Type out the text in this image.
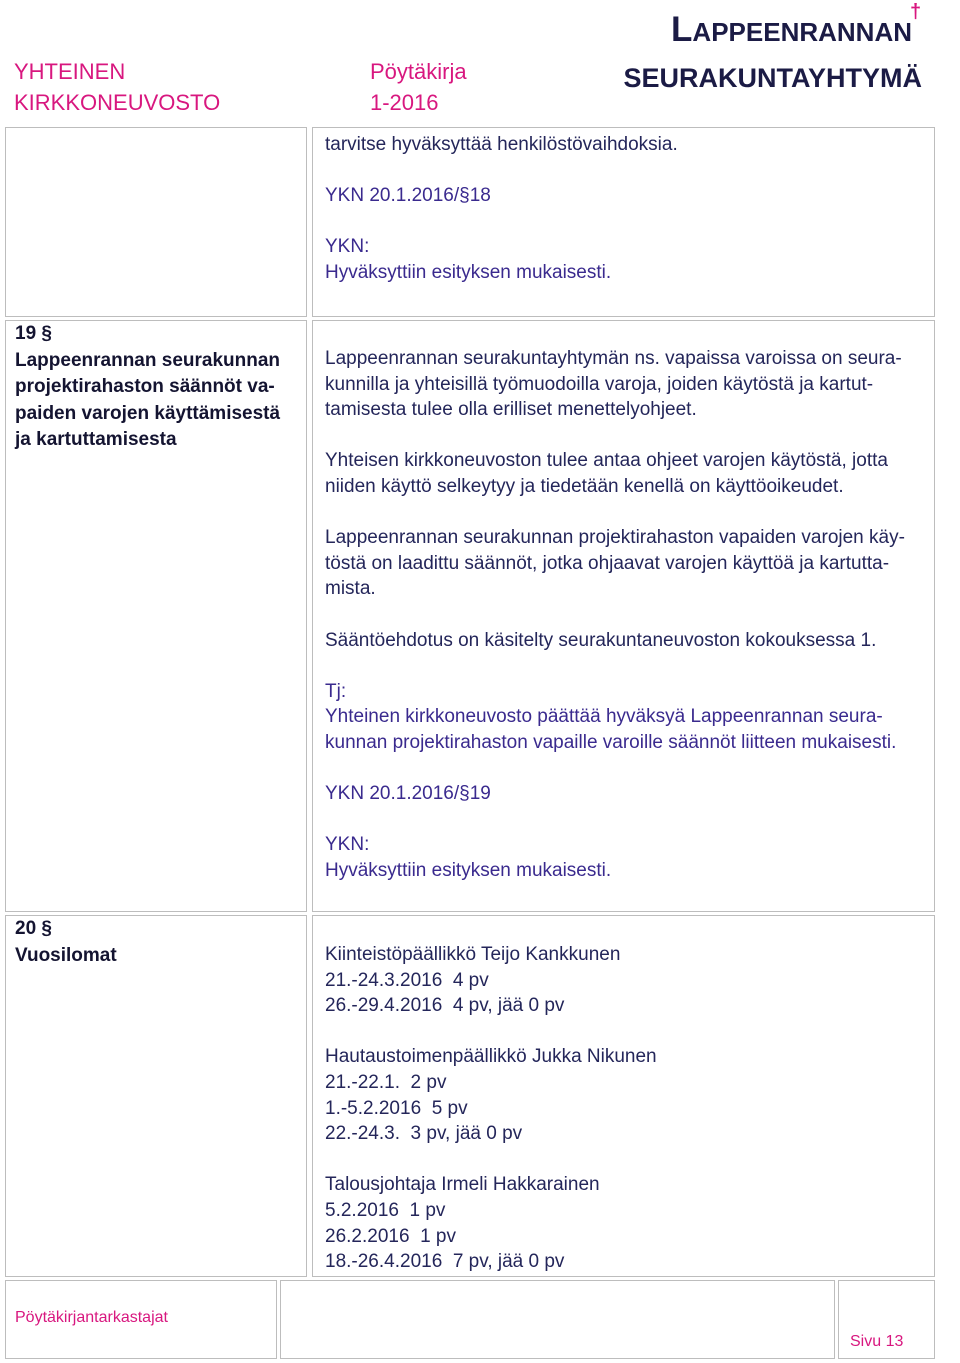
YHTEINEN
KIRKKONEUVOSTO
Pöytäkirja
1-2016
LAPPEENRANNAN
†
SEURAKUNTAYHTYMÄ
tarvitse hyväksyttää henkilöstövaihdoksia.
YKN 20.1.2016/§18
YKN:
Hyväksyttiin esityksen mukaisesti.
19 §
Lappeenrannan seurakunnan
projektirahaston säännöt va-
paiden varojen käyttämisestä
ja kartuttamisesta
Lappeenrannan seurakuntayhtymän ns. vapaissa varoissa on seura-
kunnilla ja yhteisillä työmuodoilla varoja, joiden käytöstä ja kartut-
tamisesta tulee olla erilliset menettelyohjeet.
Yhteisen kirkkoneuvoston tulee antaa ohjeet varojen käytöstä, jotta
niiden käyttö selkeytyy ja tiedetään kenellä on käyttöoikeudet.
Lappeenrannan seurakunnan projektirahaston vapaiden varojen käy-
töstä on laadittu säännöt, jotka ohjaavat varojen käyttöä ja kartutta-
mista.
Sääntöehdotus on käsitelty seurakuntaneuvoston kokouksessa 1.
Tj:
Yhteinen kirkkoneuvosto päättää hyväksyä Lappeenrannan seura-
kunnan projektirahaston vapaille varoille säännöt liitteen mukaisesti.
YKN 20.1.2016/§19
YKN:
Hyväksyttiin esityksen mukaisesti.
20 §
Vuosilomat	Kiinteistöpäällikkö Teijo Kankkunen
21.-24.3.2016  4 pv
26.-29.4.2016  4 pv, jää 0 pv
Hautaustoimenpäällikkö Jukka Nikunen
21.-22.1.  2 pv
1.-5.2.2016  5 pv
22.-24.3.  3 pv, jää 0 pv
Talousjohtaja Irmeli Hakkarainen
5.2.2016  1 pv
26.2.2016  1 pv
18.-26.4.2016  7 pv, jää 0 pv
Pöytäkirjantarkastajat
Sivu 13
